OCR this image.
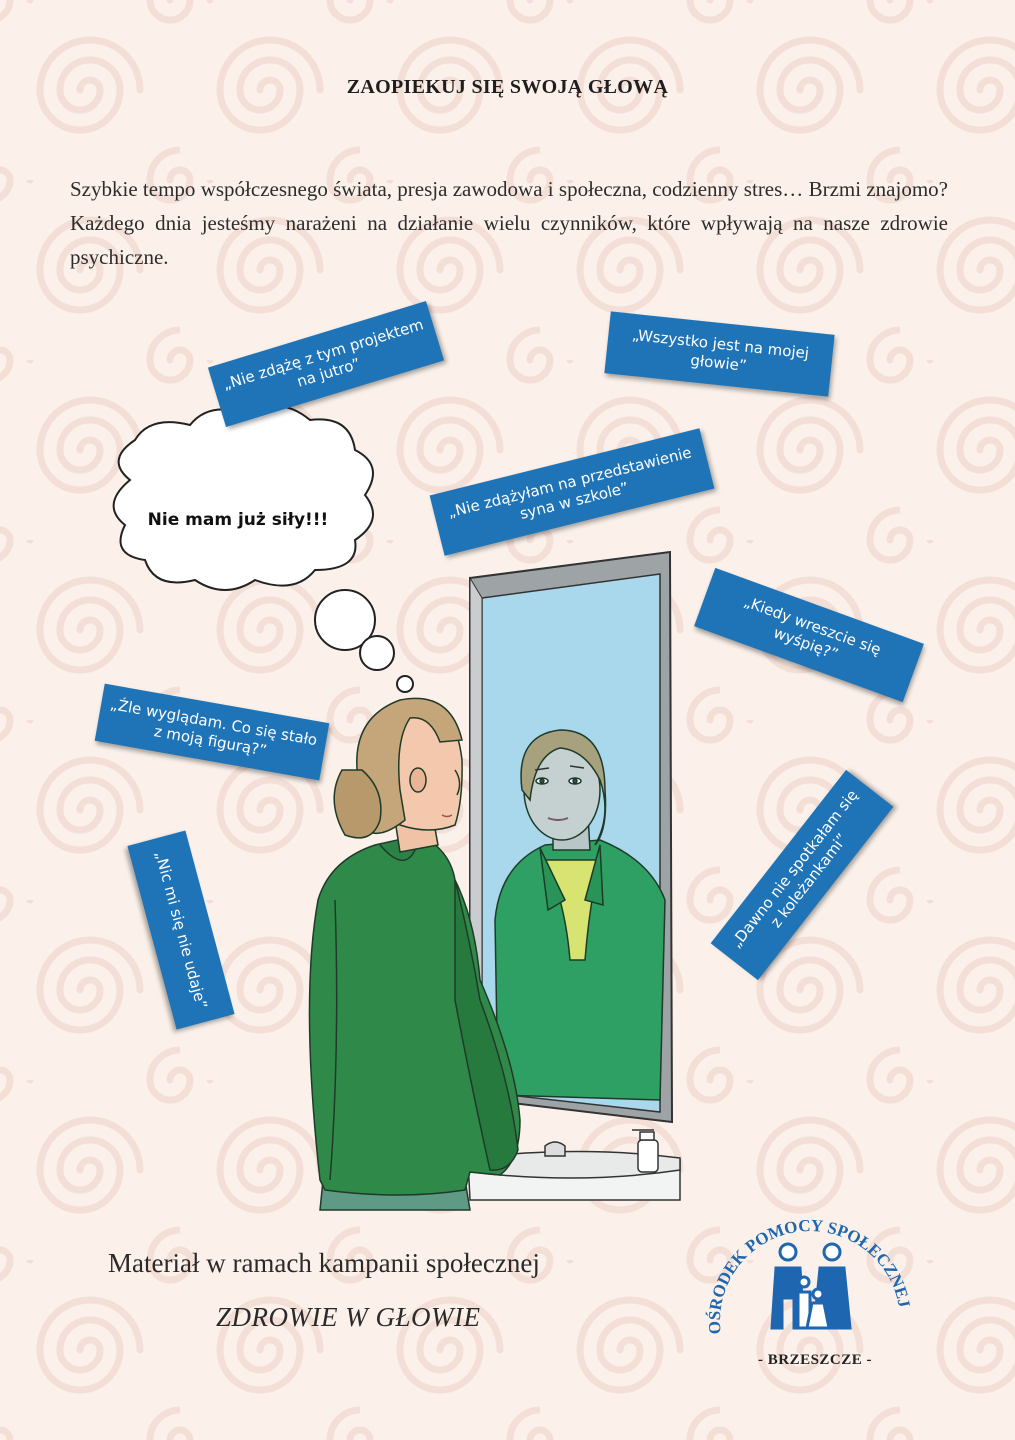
ZAOPIEKUJ SIĘ SWOJĄ GŁOWĄ

Szybkie tempo współczesnego świata, presja zawodowa i społeczna, codzienny stres… Brzmi znajomo? Każdego dnia jesteśmy narażeni na działanie wielu czynników, które wpływają na nasze zdrowie psychiczne.

Nie mam już siły!!!
„Nie zdążę z tym projektem na jutro”
„Wszystko jest na mojej głowie”
„Nie zdążyłam na przedstawienie syna w szkole”
„Kiedy wreszcie się wyśpię?”
„Źle wyglądam. Co się stało z moją figurą?”
„Nic mi się nie udaje”	„Dawno nie spotkałam się z koleżankami”
Materiał w ramach kampanii społecznej
ZDROWIE W GŁOWIE	OŚRODEK POMOCY SPOŁECZNEJ
- BRZESZCZE -
